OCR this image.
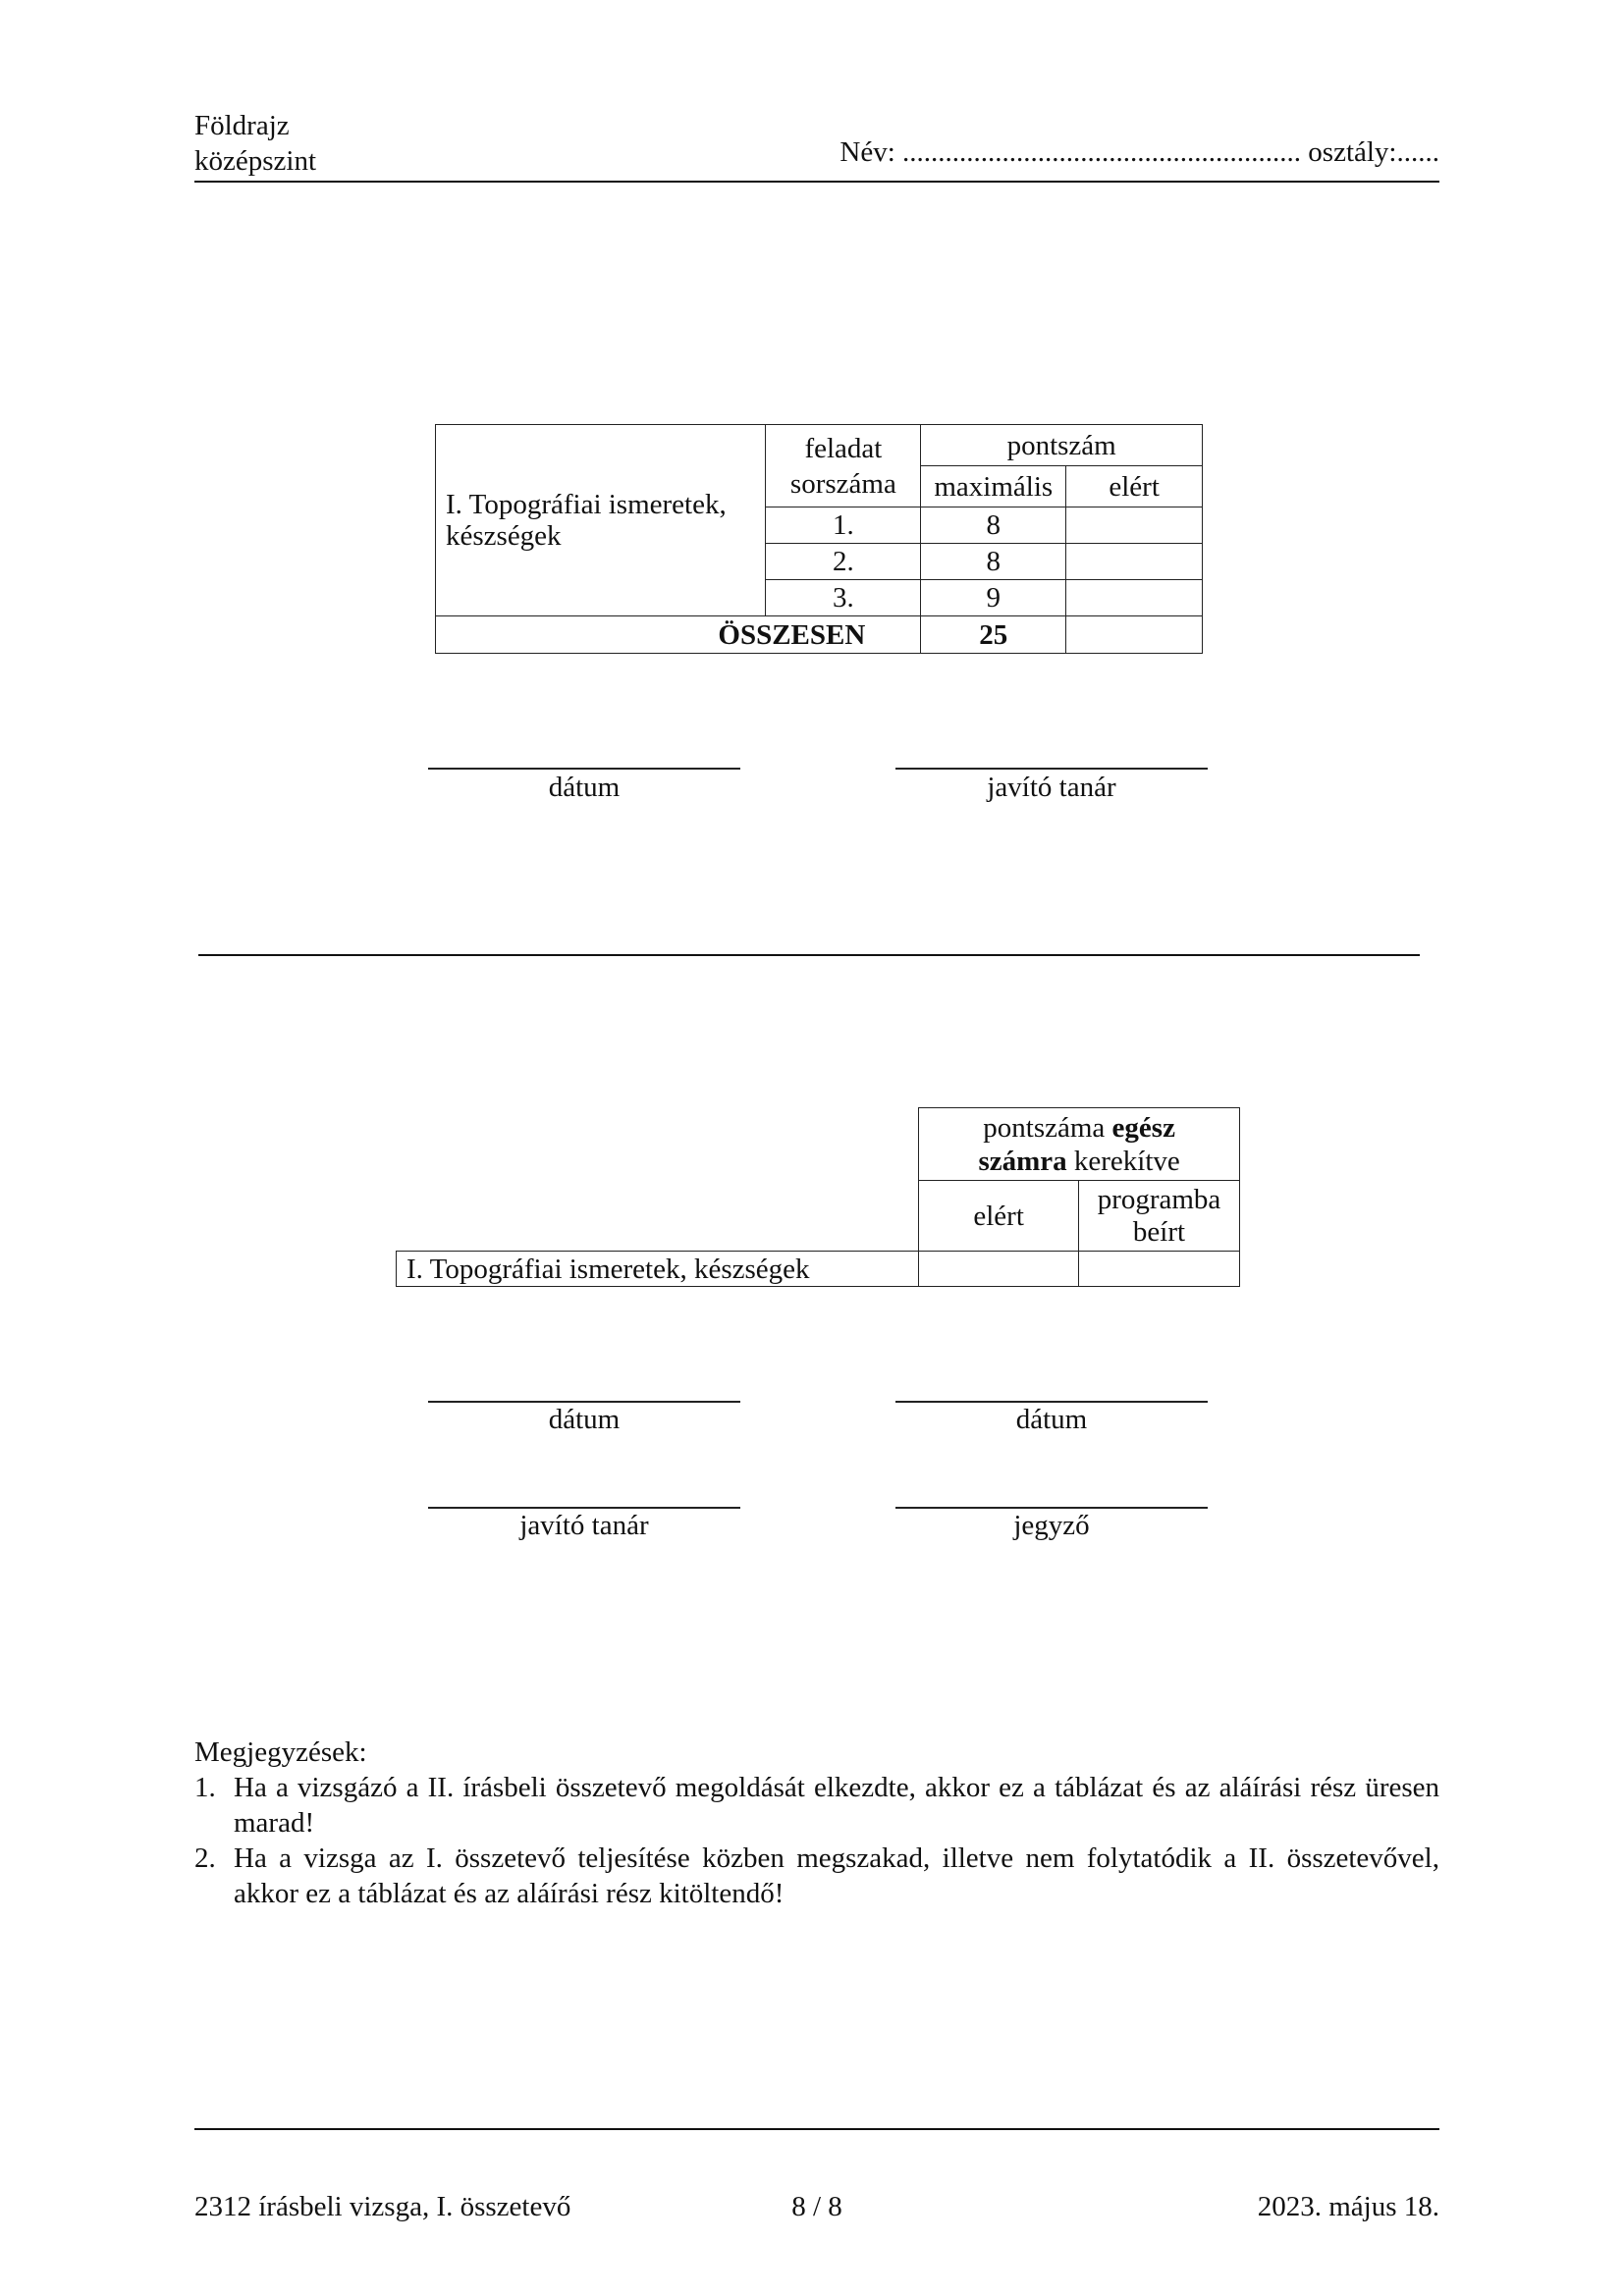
Földrajz
középszint	Név: ........................................................ osztály:......
I. Topográfiai ismeretek, készségek	feladat sorszáma	pontszám	
		maximális	elért
	1.	8	
	2.	8	
	3.	9	
ÖSSZESEN		25	
dátum	javító tanár
	pontszáma egész
számra kerekítve	
	elért	programba beírt
I. Topográfiai ismeretek, készségek		
dátum	dátum
javító tanár	jegyző
Megjegyzések:
1. Ha a vizsgázó a II. írásbeli összetevő megoldását elkezdte, akkor ez a táblázat és az aláírási rész üresen marad!
2. Ha a vizsga az I. összetevő teljesítése közben megszakad, illetve nem folytatódik a II. összetevővel, akkor ez a táblázat és az aláírási rész kitöltendő!
2312 írásbeli vizsga, I. összetevő	8 / 8	2023. május 18.
